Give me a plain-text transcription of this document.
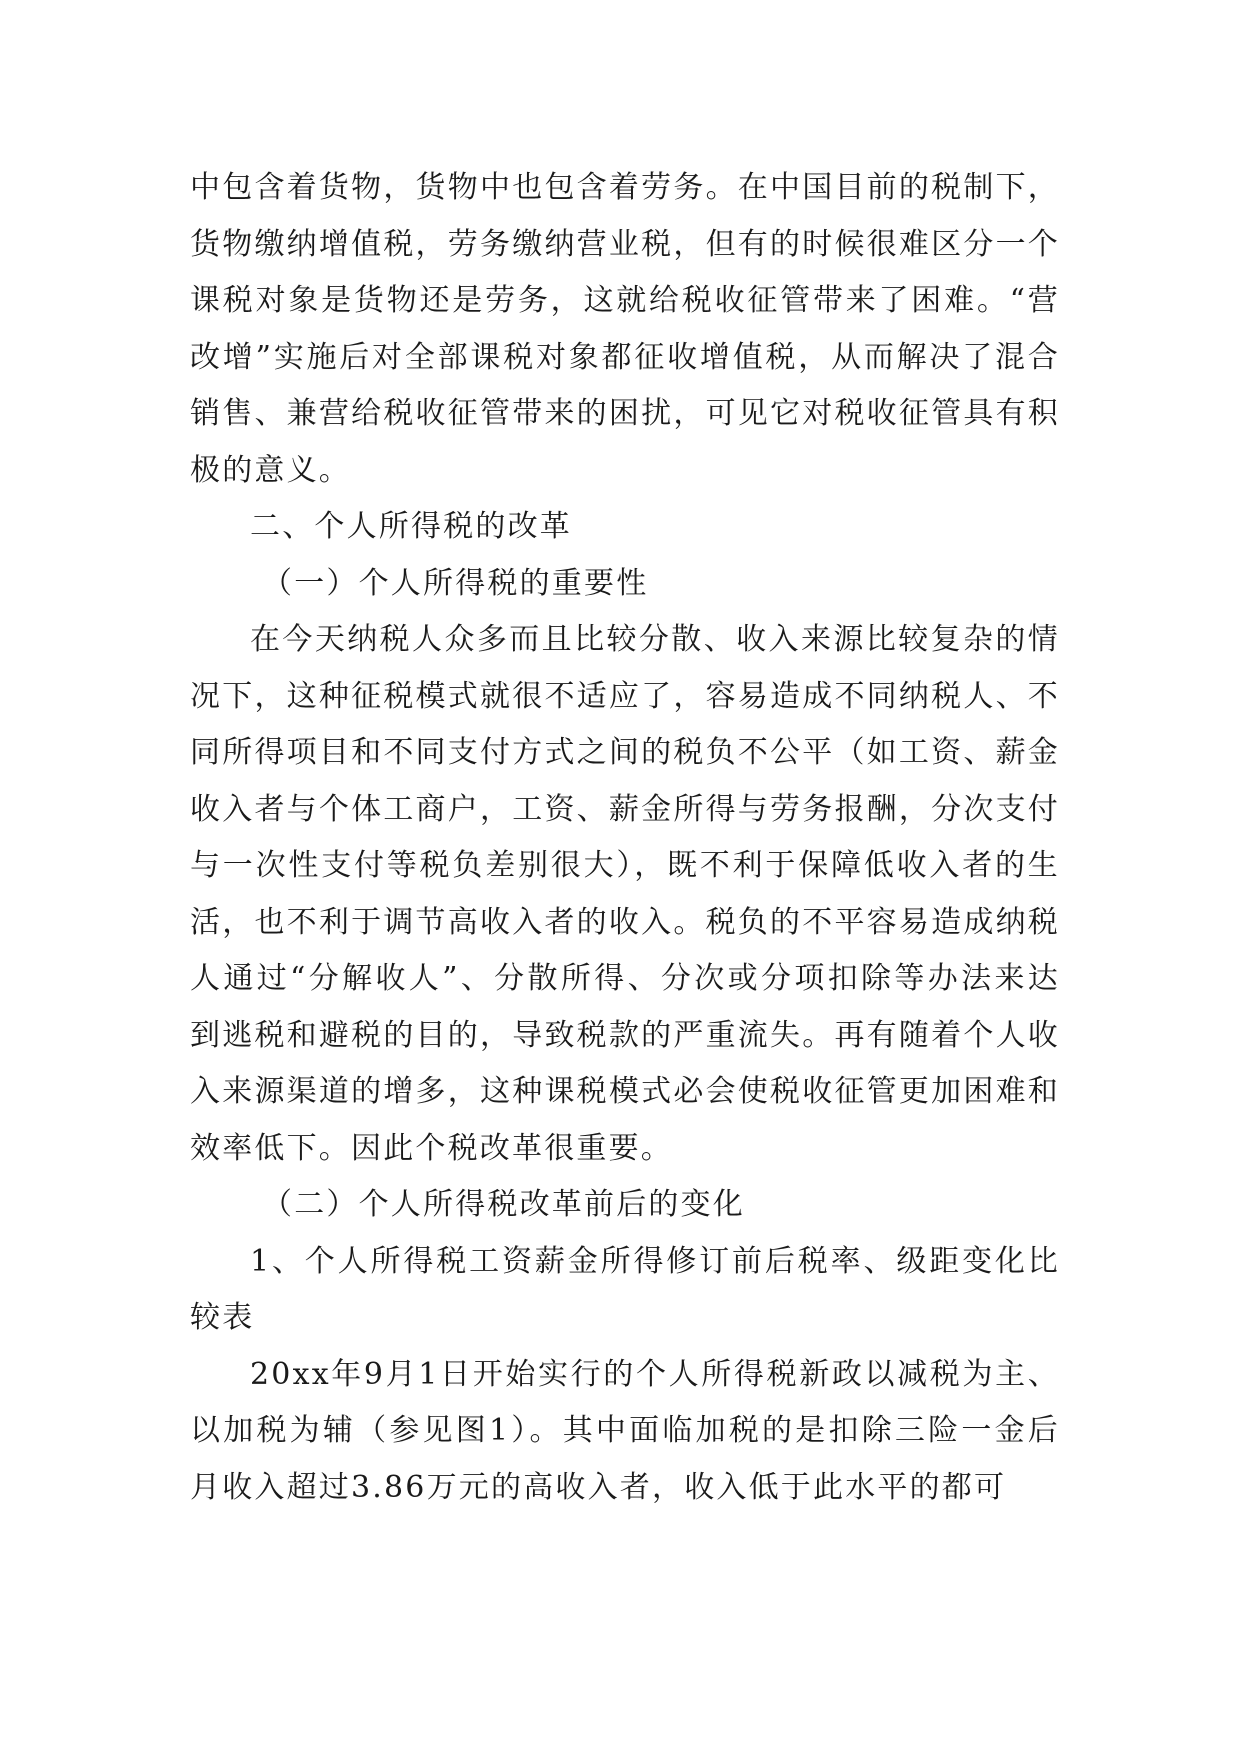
中包含着货物，货物中也包含着劳务。在中国目前的税制下，货物缴纳增值税，劳务缴纳营业税，但有的时候很难区分一个课税对象是货物还是劳务，这就给税收征管带来了困难。“营改增”实施后对全部课税对象都征收增值税，从而解决了混合销售、兼营给税收征管带来的困扰，可见它对税收征管具有积极的意义。

二、个人所得税的改革

（一）个人所得税的重要性

在今天纳税人众多而且比较分散、收入来源比较复杂的情况下，这种征税模式就很不适应了，容易造成不同纳税人、不同所得项目和不同支付方式之间的税负不公平（如工资、薪金收入者与个体工商户，工资、薪金所得与劳务报酬，分次支付与一次性支付等税负差别很大），既不利于保障低收入者的生活，也不利于调节高收入者的收入。税负的不平容易造成纳税人通过“分解收人”、分散所得、分次或分项扣除等办法来达到逃税和避税的目的，导致税款的严重流失。再有随着个人收入来源渠道的增多，这种课税模式必会使税收征管更加困难和效率低下。因此个税改革很重要。

（二）个人所得税改革前后的变化

1、个人所得税工资薪金所得修订前后税率、级距变化比较表

20xx年9月1日开始实行的个人所得税新政以减税为主、以加税为辅（参见图1）。其中面临加税的是扣除三险一金后月收入超过3.86万元的高收入者，收入低于此水平的都可
